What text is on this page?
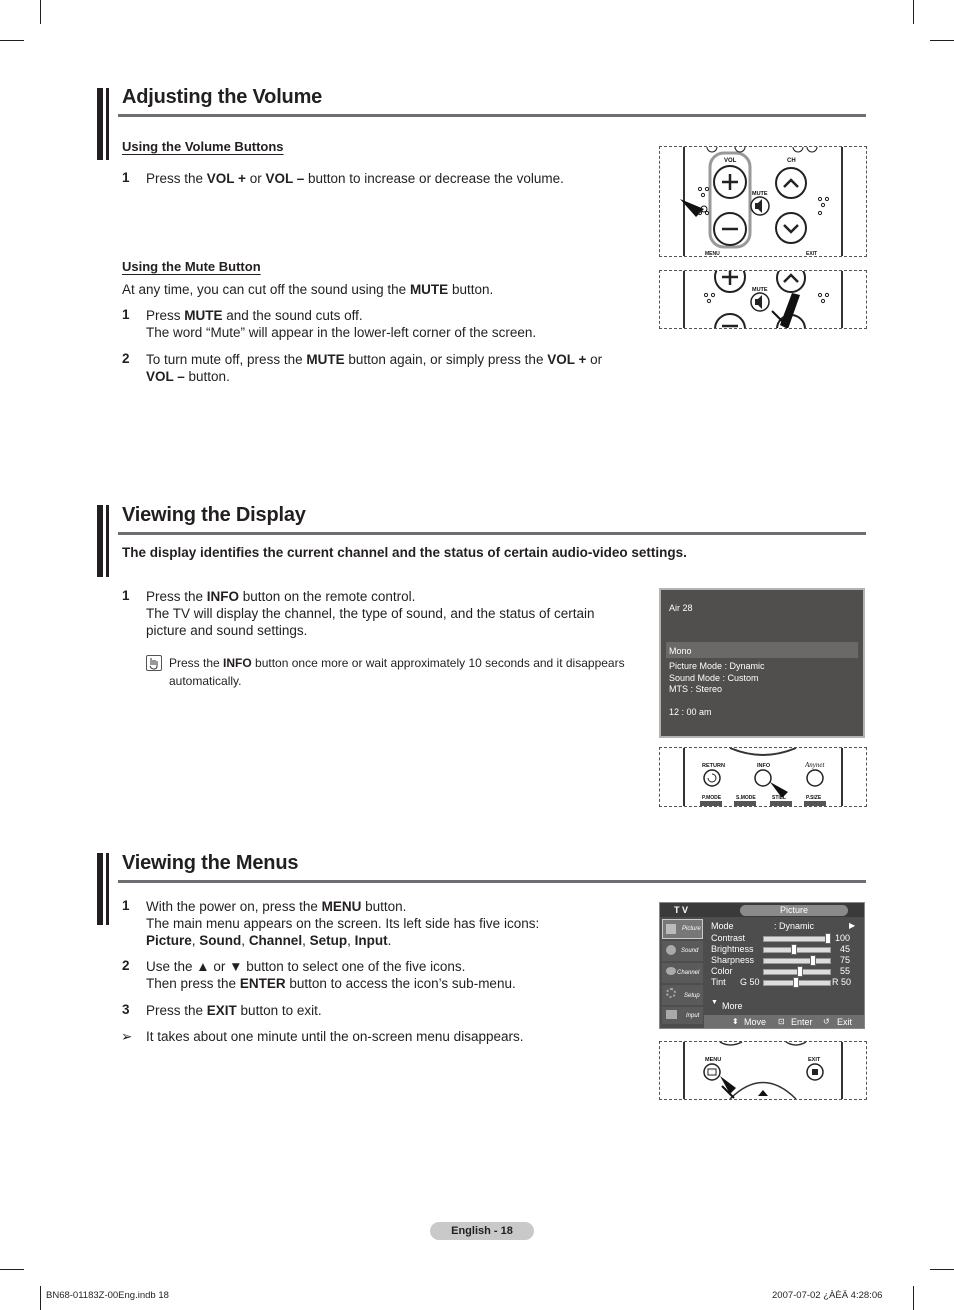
Adjusting the Volume
Using the Volume Buttons
1 Press the VOL + or VOL – button to increase or decrease the volume.
Using the Mute Button
At any time, you can cut off the sound using the MUTE button.
1 Press MUTE and the sound cuts off.
The word “Mute” will appear in the lower-left corner of the screen.
2 To turn mute off, press the MUTE button again, or simply press the VOL + or
VOL – button.
VOL	CH
MUTE
MENU	EXIT
MUTE
Viewing the Display
The display identifies the current channel and the status of certain audio-video settings.
1 Press the INFO button on the remote control.
The TV will display the channel, the type of sound, and the status of certain
picture and sound settings.
Press the INFO button once more or wait approximately 10 seconds and it disappears
automatically.
Air 28
Mono
Picture Mode : Dynamic
Sound Mode : Custom
MTS : Stereo
12 : 00 am
RETURN	INFO	Anynet
P.MODE	S.MODE	STILL	P.SIZE
Viewing the Menus
1 With the power on, press the MENU button.
The main menu appears on the screen. Its left side has five icons:
Picture, Sound, Channel, Setup, Input.
2 Use the ▲ or ▼ button to select one of the five icons.
Then press the ENTER button to access the icon’s sub-menu.
3 Press the EXIT button to exit.
➢ It takes about one minute until the on-screen menu disappears.
T V	Picture
Picture
Sound
Channel
Setup
Input
Mode	: Dynamic	▶
Contrast	100
Brightness	45
Sharpness	75
Color	55
Tint G 50	R 50
▼ More
⬍ Move ⊡ Enter ↺ Exit
MENU	EXIT
English - 18
BN68-01183Z-00Eng.indb 18	2007-07-02 ¿ÀÈÄ 4:28:06
